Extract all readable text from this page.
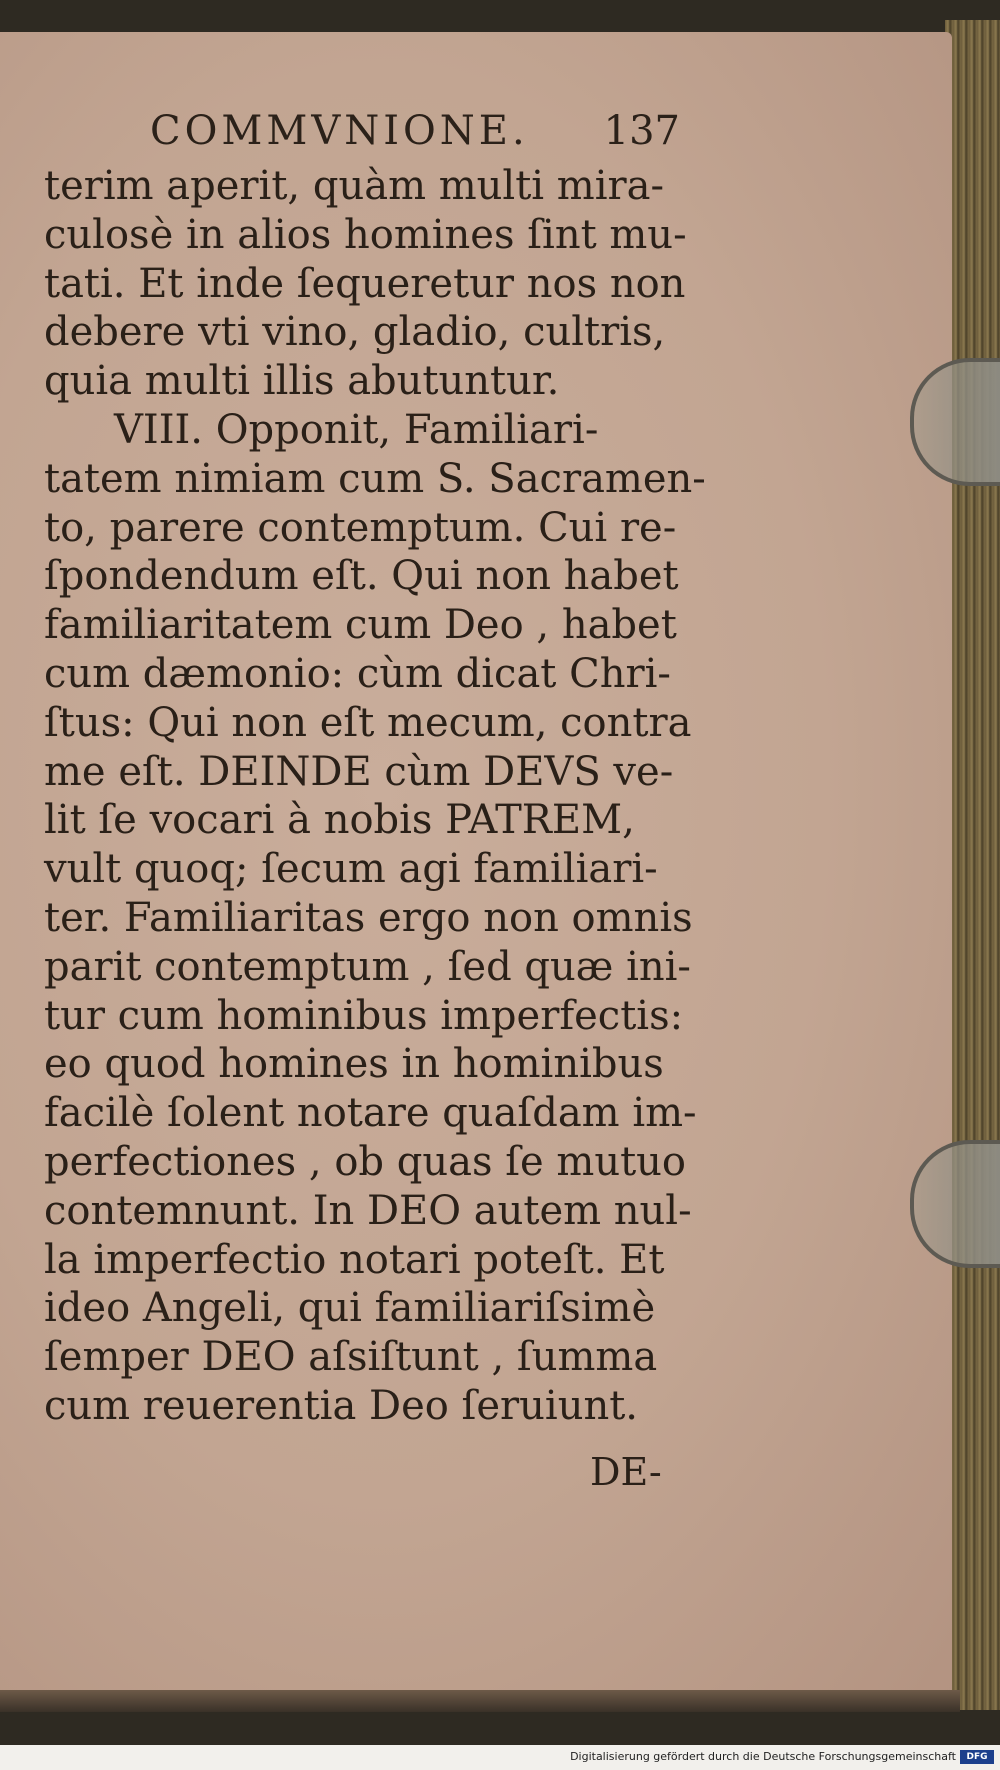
COMMVNIONE. 137
terim aperit, quàm multi mira-
culosè in alios homines ſint mu-
tati. Et inde ſequeretur nos non
debere vti vino, gladio, cultris,
quia multi illis abutuntur.
VIII. Opponit, Familiari-
tatem nimiam cum S. Sacramen-
to, parere contemptum. Cui re-
ſpondendum eſt. Qui non habet
familiaritatem cum Deo , habet
cum dæmonio: cùm dicat Chri-
ſtus: Qui non eſt mecum, contra
me eſt. DEINDE cùm DEVS ve-
lit ſe vocari à nobis PATREM,
vult quoq; ſecum agi familiari-
ter. Familiaritas ergo non omnis
parit contemptum , ſed quæ ini-
tur cum hominibus imperfectis:
eo quod homines in hominibus
facilè ſolent notare quaſdam im-
perfectiones , ob quas ſe mutuo
contemnunt. In DEO autem nul-
la imperfectio notari poteſt. Et
ideo Angeli, qui familiariſsimè
ſemper DEO aſsiſtunt , ſumma
cum reuerentia Deo ſeruiunt.
DE-
Digitalisierung gefördert durch die Deutsche Forschungsgemeinschaft	DFG
